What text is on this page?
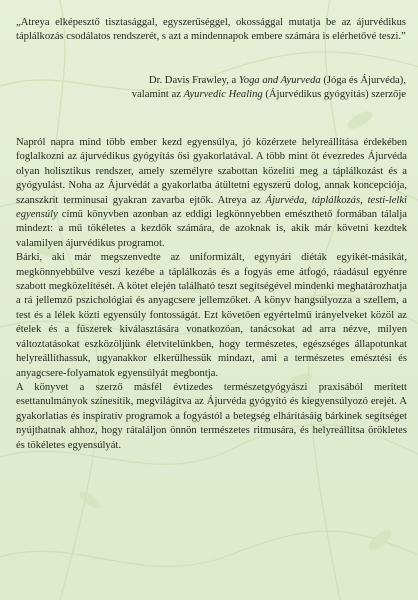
„Atreya elképesztő tisztasággal, egyszerűséggel, okossággal mutatja be az ájurvédikus táplálkozás csodálatos rendszerét, s azt a mindennapok embere számára is elérhetővé teszi.”
Dr. Davis Frawley, a Yoga and Ayurveda (Jóga és Ájurvéda),
valamint az Ayurvedic Healing (Ájurvédikus gyógyítás) szerzője

Napról napra mind több ember kezd egyensúlya, jó közérzete helyreállítása érdekében foglalkozni az ájurvédikus gyógyítás ősi gyakorlatával. A több mint öt évezredes Ájurvéda olyan holisztikus rendszer, amely személyre szabottan közelíti meg a táplálkozást és a gyógyulást. Noha az Ájurvédát a gyakorlatba átültetni egyszerű dolog, annak koncepciója, szanszkrit terminusai gyakran zavarba ejtők. Atreya az Ájurvéda, táplálkozás, testi-lelki egyensúly című könyvben azonban az eddigi legkönnyebben emészthető formában tálalja mindezt: a mű tökéletes a kezdők számára, de azoknak is, akik már követni kezdtek valamilyen ájurvédikus programot.

Bárki, aki már megszenvedte az uniformizált, egynyári diéták egyikét-másikát, megkönnyebbülve veszi kezébe a táplálkozás és a fogyás eme átfogó, ráadásul egyénre szabott megközelítését. A kötet elején található teszt segítségével mindenki meghatározhatja a rá jellemző pszichológiai és anyagcsere jellemzőket. A könyv hangsúlyozza a szellem, a test és a lélek közti egyensúly fontosságát. Ezt követően egyértelmű irányelveket közöl az ételek és a fűszerek kiválasztására vonatkozóan, tanácsokat ad arra nézve, milyen változtatásokat eszközöljünk életvitelünkben, hogy természetes, egészséges állapotunkat helyreállíthassuk, ugyanakkor elkerülhessük mindazt, ami a természetes emésztési és anyagcsere-folyamatok egyensúlyát megbontja.

A könyvet a szerző másfél évtizedes természetgyógyászi praxisából merített esettanulmányok színesítik, megvilágítva az Ájurvéda gyógyító és kiegyensúlyozó erejét. A gyakorlatias és inspiratív programok a fogyástól a betegség elhárításáig bárkinek segítséget nyújthatnak ahhoz, hogy rátaláljon önnön természetes ritmusára, és helyreállítsa örökletes és tökéletes egyensúlyát.
